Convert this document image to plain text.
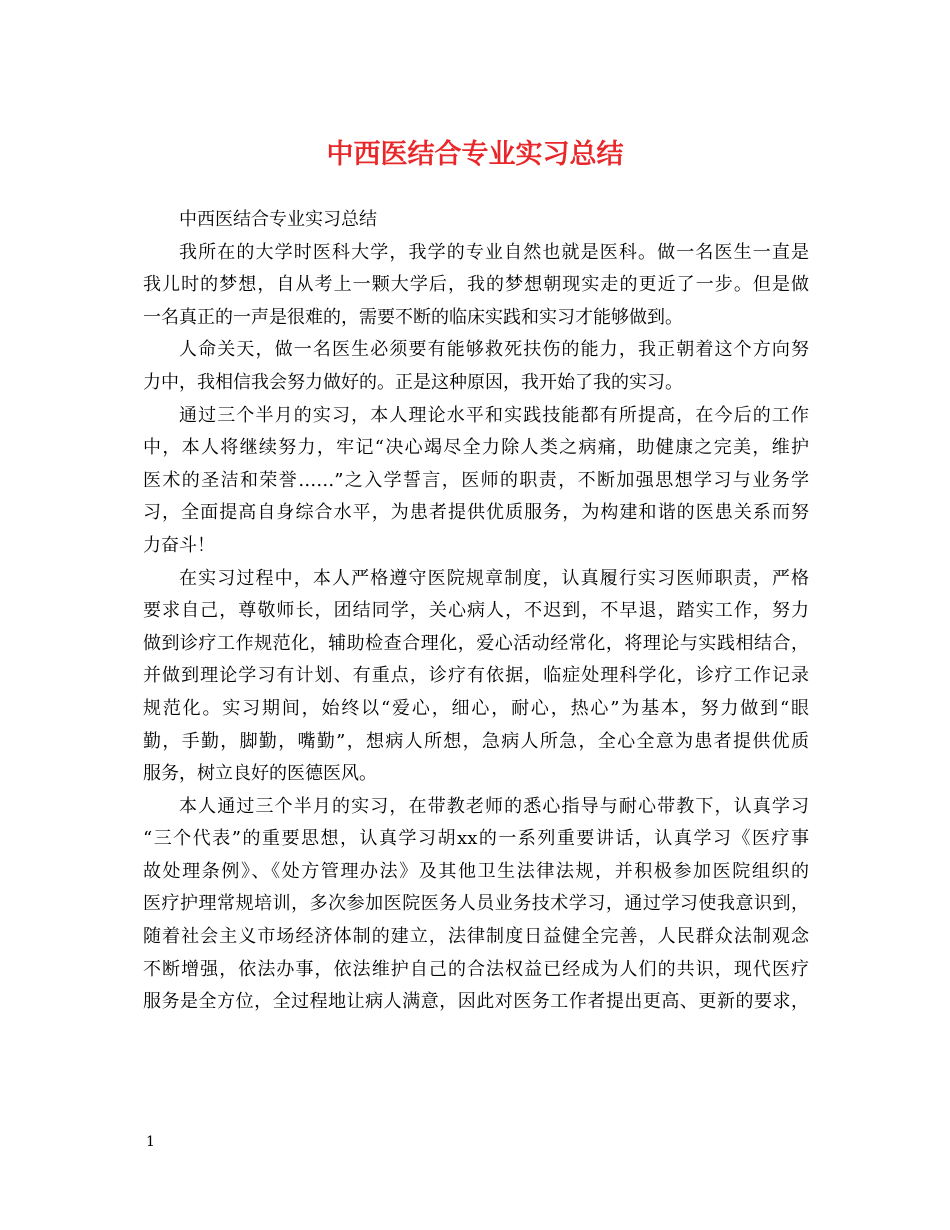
中西医结合专业实习总结
中西医结合专业实习总结
我所在的大学时医科大学，我学的专业自然也就是医科。做一名医生一直是
我儿时的梦想，自从考上一颗大学后，我的梦想朝现实走的更近了一步。但是做
一名真正的一声是很难的，需要不断的临床实践和实习才能够做到。
人命关天，做一名医生必须要有能够救死扶伤的能力，我正朝着这个方向努
力中，我相信我会努力做好的。正是这种原因，我开始了我的实习。
通过三个半月的实习，本人理论水平和实践技能都有所提高，在今后的工作
中，本人将继续努力，牢记“决心竭尽全力除人类之病痛，助健康之完美，维护
医术的圣洁和荣誉……”之入学誓言，医师的职责，不断加强思想学习与业务学
习，全面提高自身综合水平，为患者提供优质服务，为构建和谐的医患关系而努
力奋斗！
在实习过程中，本人严格遵守医院规章制度，认真履行实习医师职责，严格
要求自己，尊敬师长，团结同学，关心病人，不迟到，不早退，踏实工作，努力
做到诊疗工作规范化，辅助检查合理化，爱心活动经常化，将理论与实践相结合，
并做到理论学习有计划、有重点，诊疗有依据，临症处理科学化，诊疗工作记录
规范化。实习期间，始终以“爱心，细心，耐心，热心”为基本，努力做到“眼
勤，手勤，脚勤，嘴勤”，想病人所想，急病人所急，全心全意为患者提供优质
服务，树立良好的医德医风。
本人通过三个半月的实习，在带教老师的悉心指导与耐心带教下，认真学习
“三个代表”的重要思想，认真学习胡xx的一系列重要讲话，认真学习《医疗事
故处理条例》、《处方管理办法》及其他卫生法律法规，并积极参加医院组织的
医疗护理常规培训，多次参加医院医务人员业务技术学习，通过学习使我意识到，
随着社会主义市场经济体制的建立，法律制度日益健全完善，人民群众法制观念
不断增强，依法办事，依法维护自己的合法权益已经成为人们的共识，现代医疗
服务是全方位，全过程地让病人满意，因此对医务工作者提出更高、更新的要求，
1
